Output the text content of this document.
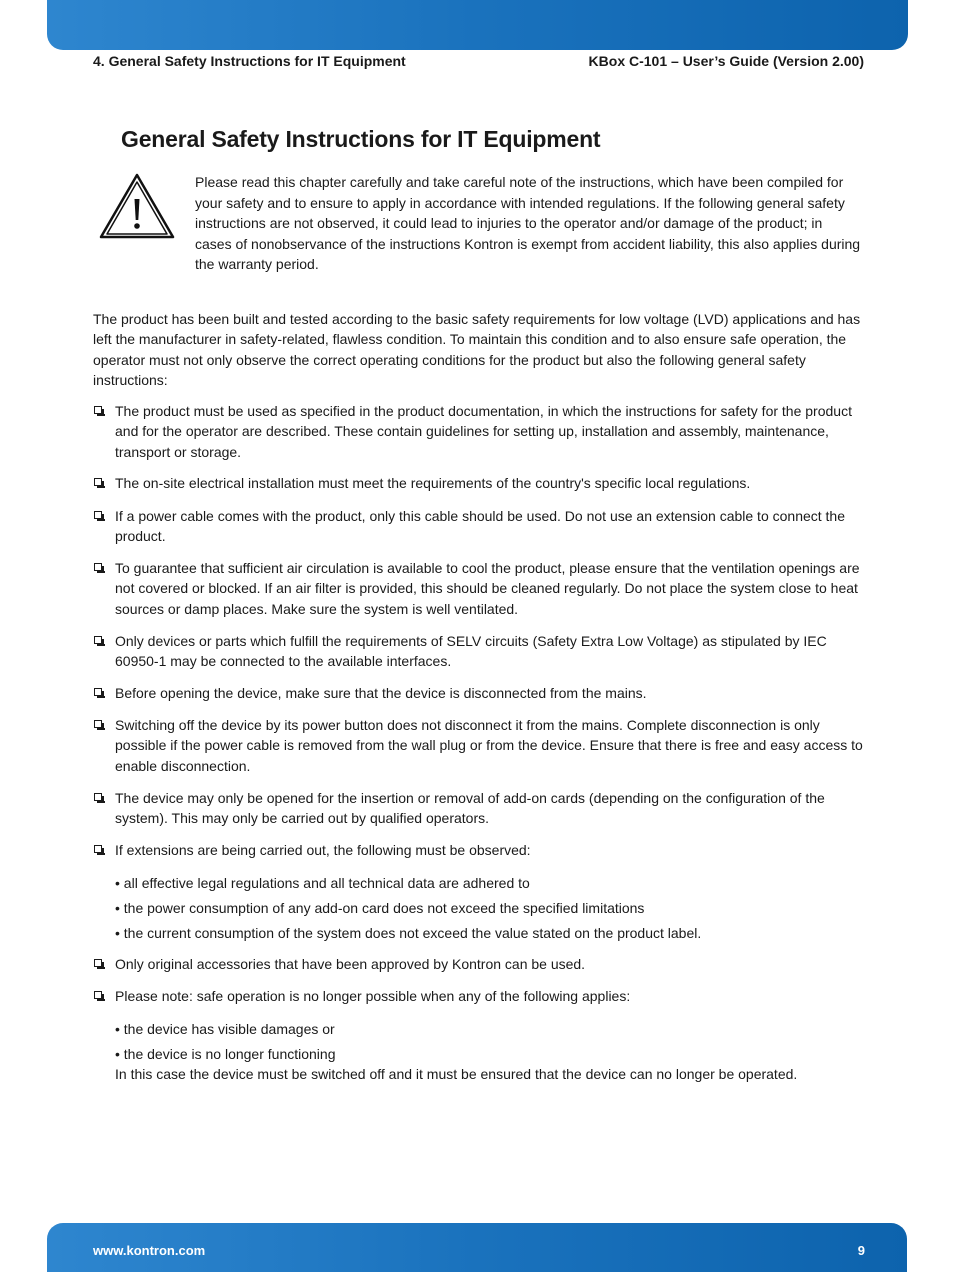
4. General Safety Instructions for IT Equipment	KBox C-101 – User’s Guide (Version 2.00)
General Safety Instructions for IT Equipment

Please read this chapter carefully and take careful note of the instructions, which have been compiled for your safety and to ensure to apply in accordance with intended regulations. If the following general safety instructions are not observed, it could lead to injuries to the operator and/or damage of the product; in cases of nonobservance of the instructions Kontron is exempt from accident liability, this also applies during the warranty period.

The product has been built and tested according to the basic safety requirements for low voltage (LVD) applications and has left the manufacturer in safety-related, flawless condition. To maintain this condition and to also ensure safe operation, the operator must not only observe the correct operating conditions for the product but also the following general safety instructions:

The product must be used as specified in the product documentation, in which the instructions for safety for the product and for the operator are described. These contain guidelines for setting up, installation and assembly, maintenance, transport or storage.
The on-site electrical installation must meet the requirements of the country's specific local regulations.
If a power cable comes with the product, only this cable should be used. Do not use an extension cable to connect the product.
To guarantee that sufficient air circulation is available to cool the product, please ensure that the ventilation openings are not covered or blocked. If an air filter is provided, this should be cleaned regularly. Do not place the system close to heat sources or damp places. Make sure the system is well ventilated.
Only devices or parts which fulfill the requirements of SELV circuits (Safety Extra Low Voltage) as stipulated by IEC 60950-1 may be connected to the available interfaces.
Before opening the device, make sure that the device is disconnected from the mains.
Switching off the device by its power button does not disconnect it from the mains. Complete disconnection is only possible if the power cable is removed from the wall plug or from the device. Ensure that there is free and easy access to enable disconnection.
The device may only be opened for the insertion or removal of add-on cards (depending on the configuration of the system). This may only be carried out by qualified operators.
If extensions are being carried out, the following must be observed:
• all effective legal regulations and all technical data are adhered to
• the power consumption of any add-on card does not exceed the specified limitations
• the current consumption of the system does not exceed the value stated on the product label.
Only original accessories that have been approved by Kontron can be used.
Please note: safe operation is no longer possible when any of the following applies:
• the device has visible damages or
• the device is no longer functioning
In this case the device must be switched off and it must be ensured that the device can no longer be operated.
www.kontron.com	9
